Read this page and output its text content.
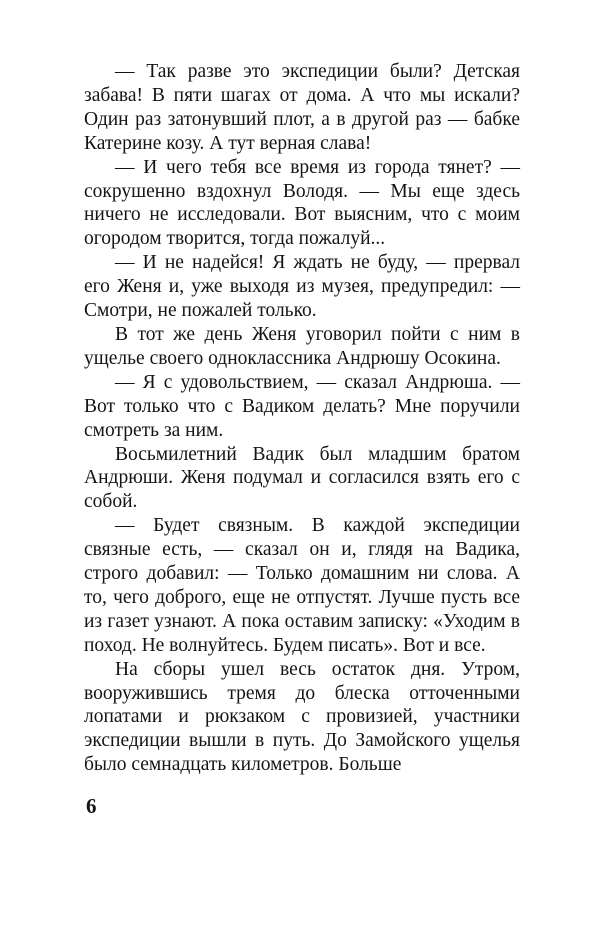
— Так разве это экспедиции были? Детская забава! В пяти шагах от дома. А что мы искали? Один раз затонувший плот, а в другой раз — бабке Катерине козу. А тут верная слава!

— И чего тебя все время из города тянет? — сокрушенно вздохнул Володя. — Мы еще здесь ничего не исследовали. Вот выясним, что с моим огородом творится, тогда пожалуй...

— И не надейся! Я ждать не буду, — прервал его Женя и, уже выходя из музея, предупредил: — Смотри, не пожалей только.

В тот же день Женя уговорил пойти с ним в ущелье своего одноклассника Андрюшу Осокина.

— Я с удовольствием, — сказал Андрюша. — Вот только что с Вадиком делать? Мне поручили смотреть за ним.

Восьмилетний Вадик был младшим братом Андрюши. Женя подумал и согласился взять его с собой.

— Будет связным. В каждой экспедиции связные есть, — сказал он и, глядя на Вадика, строго добавил: — Только домашним ни слова. А то, чего доброго, еще не отпустят. Лучше пусть все из газет узнают. А пока оставим записку: «Уходим в поход. Не волнуйтесь. Будем писать». Вот и все.

На сборы ушел весь остаток дня. Утром, вооружившись тремя до блеска отточенными лопатами и рюкзаком с провизией, участники экспедиции вышли в путь. До Замойского ущелья было семнадцать километров. Больше

6
